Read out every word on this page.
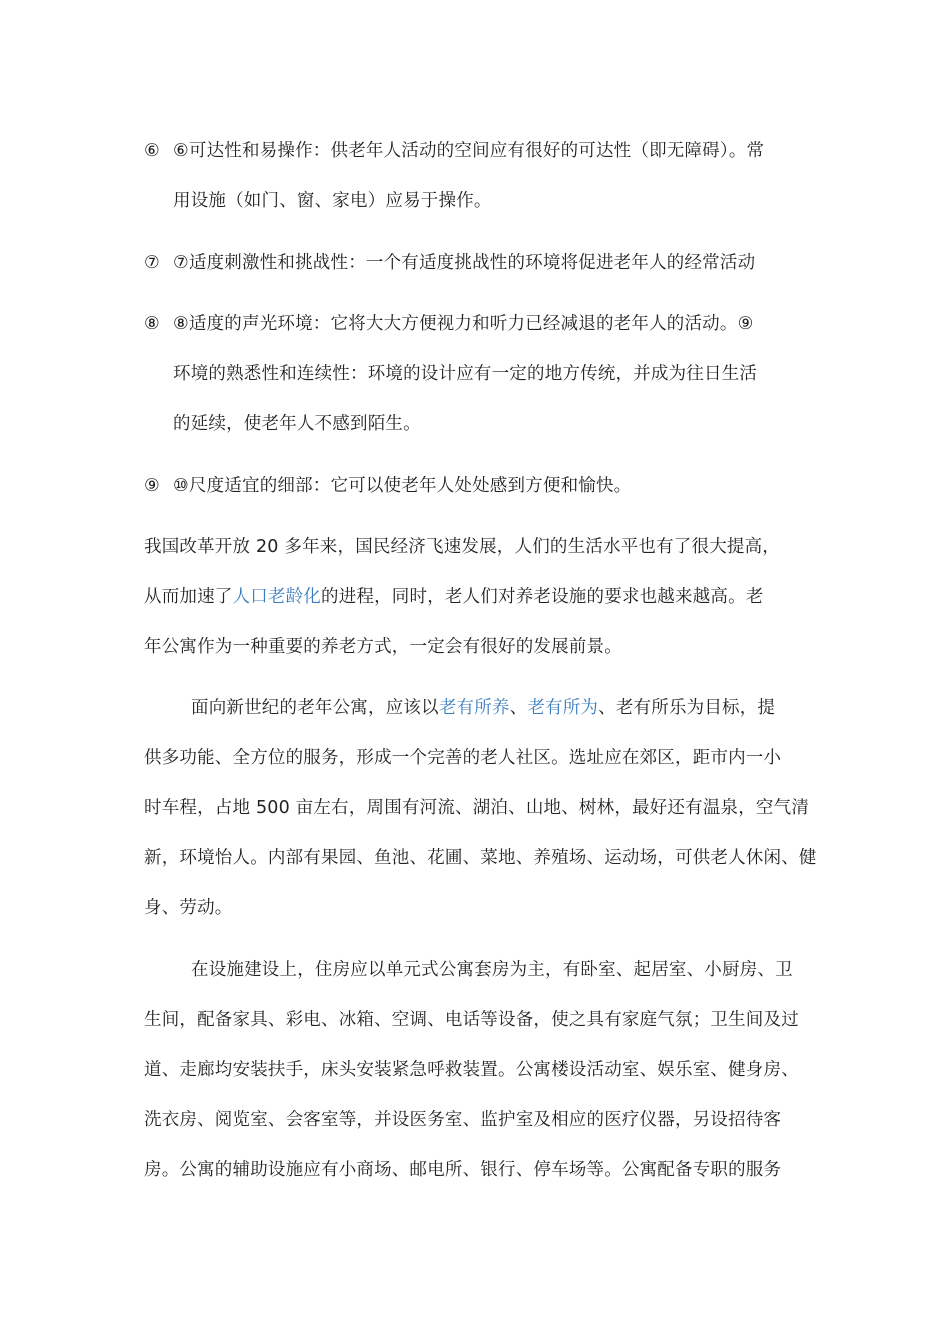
⑥ ⑥可达性和易操作：供老年人活动的空间应有很好的可达性（即无障碍）。常
用设施（如门、窗、家电）应易于操作。
⑦ ⑦适度刺激性和挑战性：一个有适度挑战性的环境将促进老年人的经常活动
⑧ ⑧适度的声光环境：它将大大方便视力和听力已经减退的老年人的活动。⑨
环境的熟悉性和连续性：环境的设计应有一定的地方传统，并成为往日生活
的延续，使老年人不感到陌生。
⑨ ⑩尺度适宜的细部：它可以使老年人处处感到方便和愉快。
我国改革开放 20 多年来，国民经济飞速发展，人们的生活水平也有了很大提高，
从而加速了人口老龄化的进程，同时，老人们对养老设施的要求也越来越高。老
年公寓作为一种重要的养老方式，一定会有很好的发展前景。
面向新世纪的老年公寓，应该以老有所养、老有所为、老有所乐为目标，提
供多功能、全方位的服务，形成一个完善的老人社区。选址应在郊区，距市内一小
时车程，占地 500 亩左右，周围有河流、湖泊、山地、树林，最好还有温泉，空气清
新，环境怡人。内部有果园、鱼池、花圃、菜地、养殖场、运动场，可供老人休闲、健
身、劳动。
在设施建设上，住房应以单元式公寓套房为主，有卧室、起居室、小厨房、卫
生间，配备家具、彩电、冰箱、空调、电话等设备，使之具有家庭气氛；卫生间及过
道、走廊均安装扶手，床头安装紧急呼救装置。公寓楼设活动室、娱乐室、健身房、
洗衣房、阅览室、会客室等，并设医务室、监护室及相应的医疗仪器，另设招待客
房。公寓的辅助设施应有小商场、邮电所、银行、停车场等。公寓配备专职的服务
